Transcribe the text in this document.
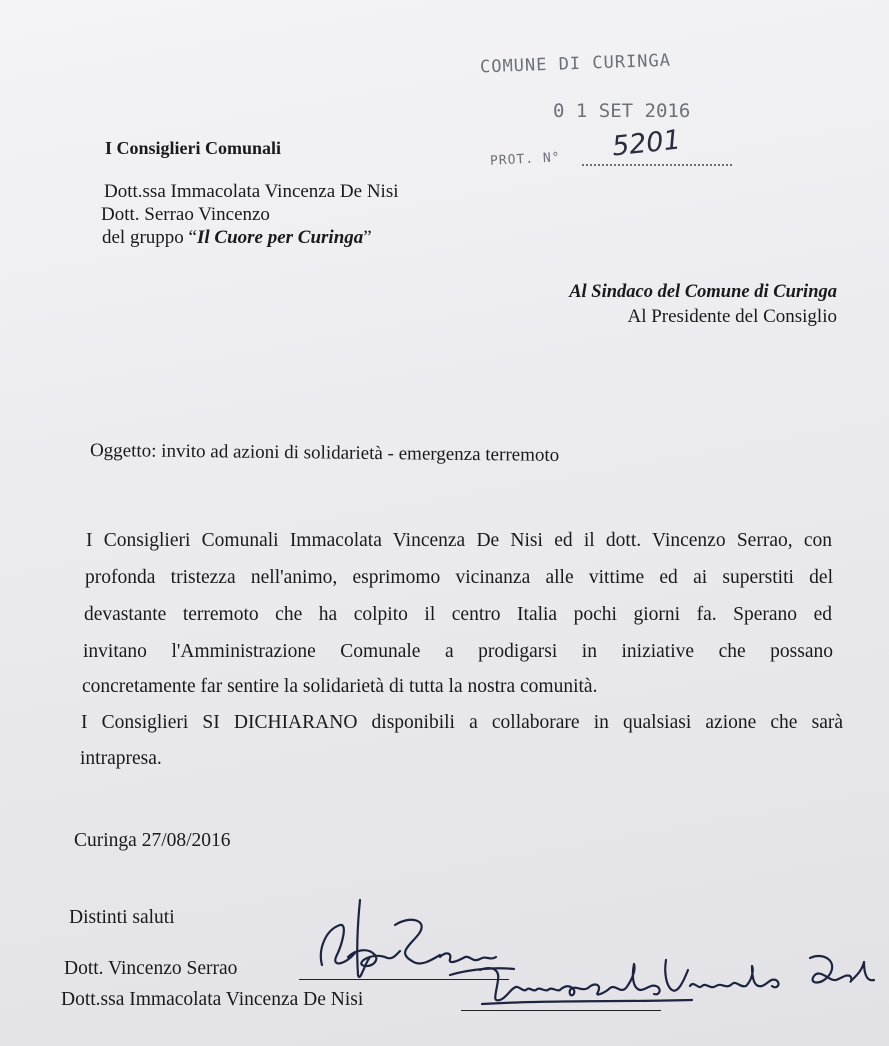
COMUNE DI CURINGA
0 1 SET 2016
PROT. N° 5201
I Consiglieri Comunali
Dott.ssa Immacolata Vincenza De Nisi
Dott. Serrao Vincenzo
del gruppo “Il Cuore per Curinga”
Al Sindaco del Comune di Curinga
Al Presidente del Consiglio
Oggetto: invito ad azioni di solidarietà - emergenza terremoto
I Consiglieri Comunali Immacolata Vincenza De Nisi ed il dott. Vincenzo Serrao, con
profonda tristezza nell'animo, esprimomo vicinanza alle vittime ed ai superstiti del
devastante terremoto che ha colpito il centro Italia pochi giorni fa. Sperano ed
invitano l'Amministrazione Comunale a prodigarsi in iniziative che possano
concretamente far sentire la solidarietà di tutta la nostra comunità.
I Consiglieri SI DICHIARANO disponibili a collaborare in qualsiasi azione che sarà
intrapresa.
Curinga 27/08/2016
Distinti saluti
Dott. Vincenzo Serrao
Dott.ssa Immacolata Vincenza De Nisi
